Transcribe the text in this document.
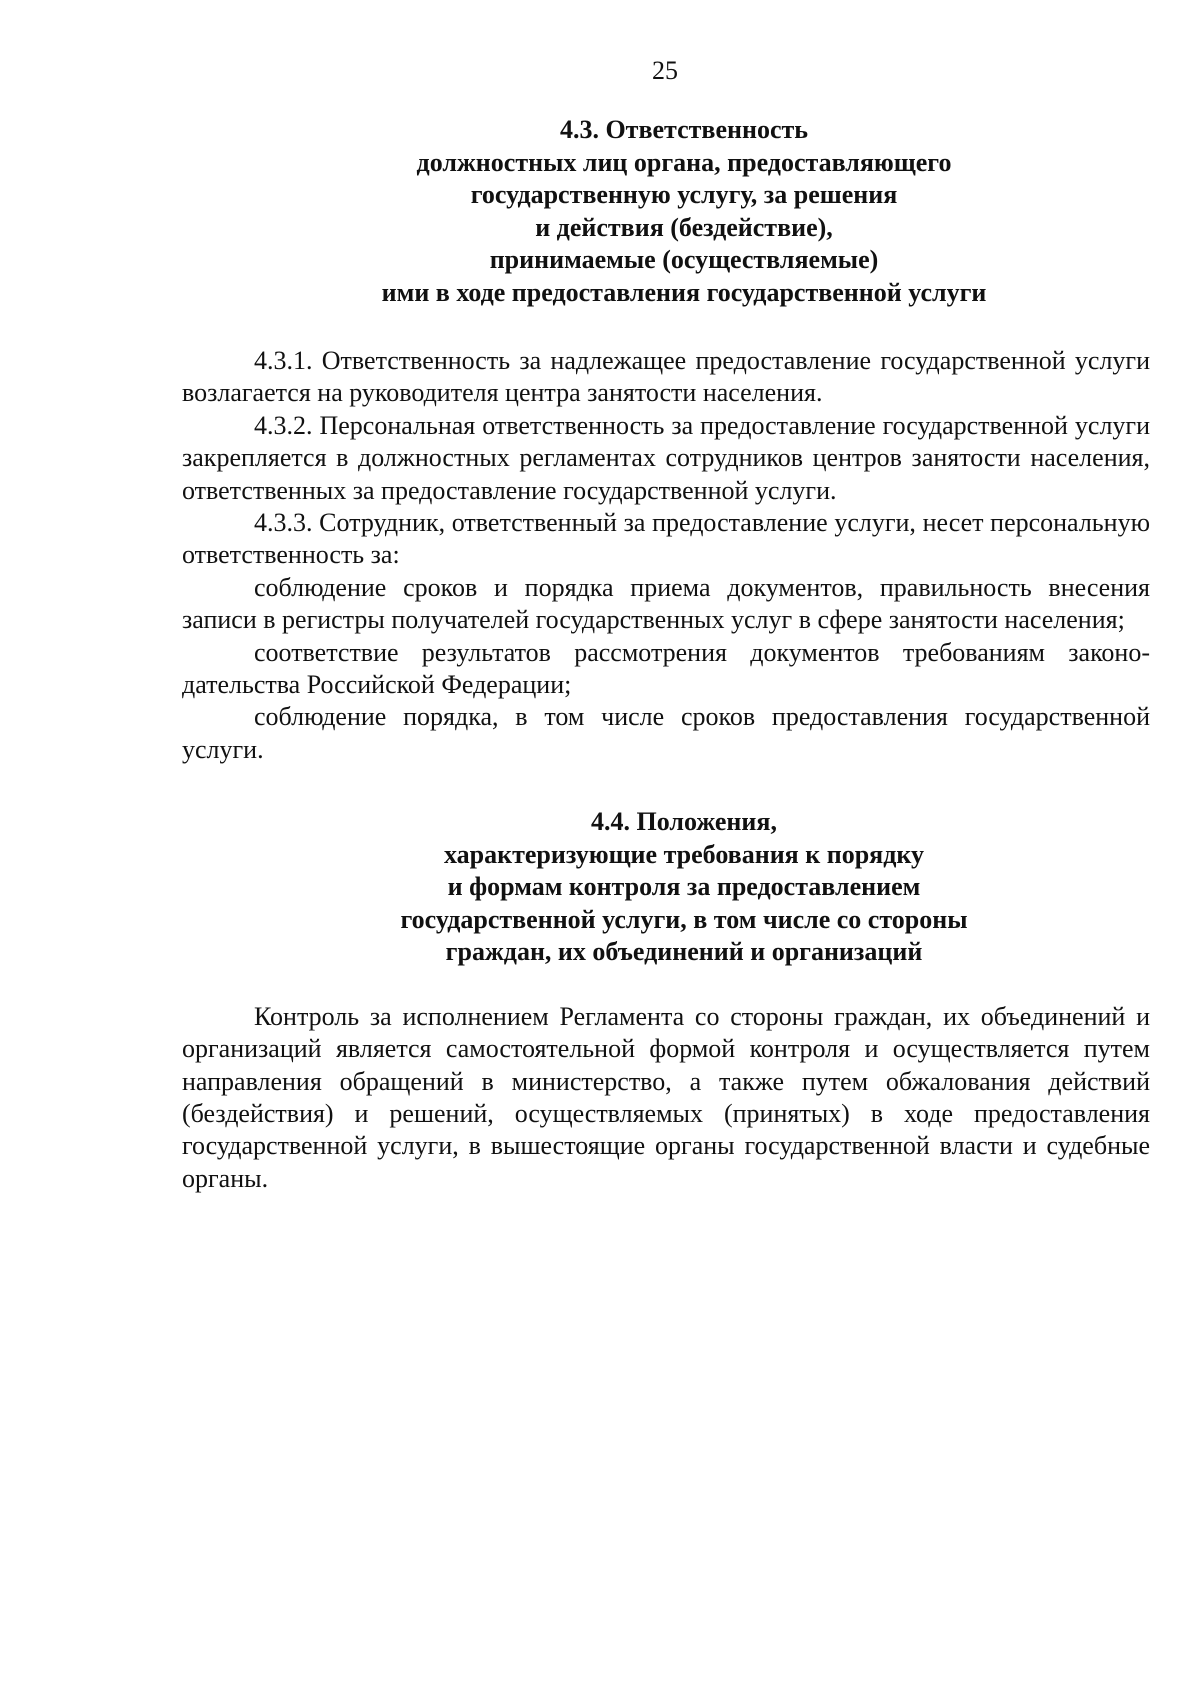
25
4.3. Ответственность
должностных лиц органа, предоставляющего
государственную услугу, за решения
и действия (бездействие),
принимаемые (осуществляемые)
ими в ходе предоставления государственной услуги

4.3.1. Ответственность за надлежащее предоставление государственной услуги возлагается на руководителя центра занятости населения.

4.3.2. Персональная ответственность за предоставление государственной услуги закрепляется в должностных регламентах сотрудников центров занятости населения, ответственных за предоставление государственной услуги.

4.3.3. Сотрудник, ответственный за предоставление услуги, несет персональную ответственность за:

соблюдение сроков и порядка приема документов, правильность внесения записи в регистры получателей государственных услуг в сфере занятости населения;

соответствие результатов рассмотрения документов требованиям законодательства Российской Федерации;

соблюдение порядка, в том числе сроков предоставления государственной услуги.

4.4. Положения,
характеризующие требования к порядку
и формам контроля за предоставлением
государственной услуги, в том числе со стороны
граждан, их объединений и организаций

Контроль за исполнением Регламента со стороны граждан, их объединений и организаций является самостоятельной формой контроля и осуществляется путем направления обращений в министерство, а также путем обжалования действий (бездействия) и решений, осуществляемых (принятых) в ходе предоставления государственной услуги, в вышестоящие органы государственной власти и судебные органы.
